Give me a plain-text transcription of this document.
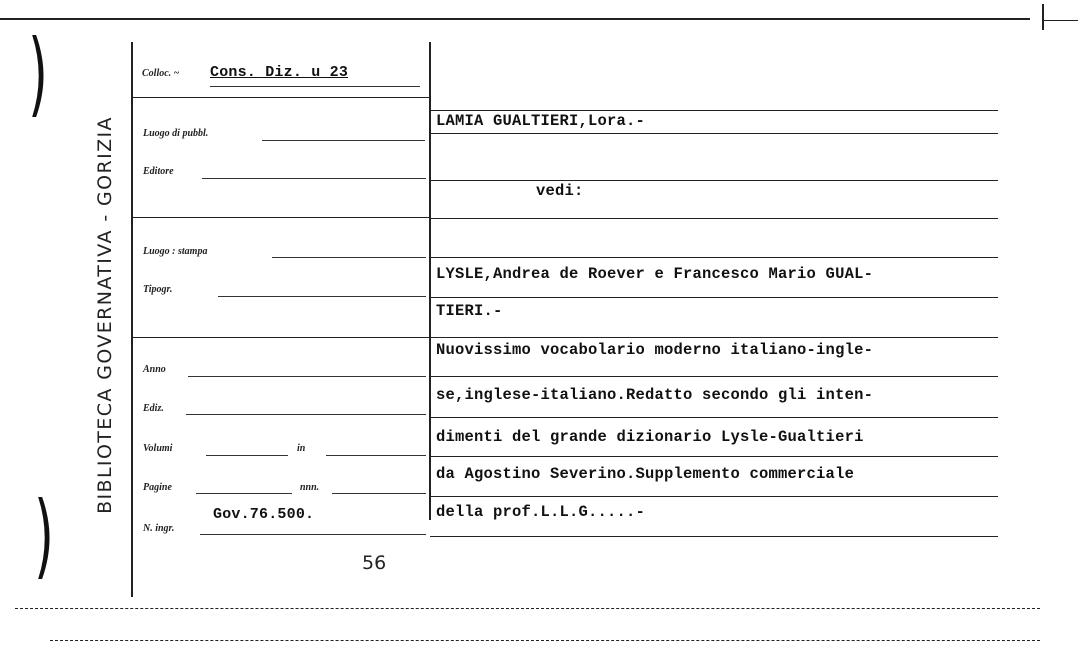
)
)
BIBLIOTECA GOVERNATIVA - GORIZIA
Colloc. ~ Cons. Diz. u 23
Luogo di pubbl.
Editore
Luogo : stampa
Tipogr.
Anno
Ediz.
Volumi	in
Pagine	nnn.
N. ingr.
Gov.76.500.
56
LAMIA GUALTIERI,Lora.-
vedi:
LYSLE,Andrea de Roever e Francesco Mario GUAL-
TIERI.-
Nuovissimo vocabolario moderno italiano-ingle-
se,inglese-italiano.Redatto secondo gli inten-
dimenti del grande dizionario Lysle-Gualtieri
da Agostino Severino.Supplemento commerciale
della prof.L.L.G.....-
